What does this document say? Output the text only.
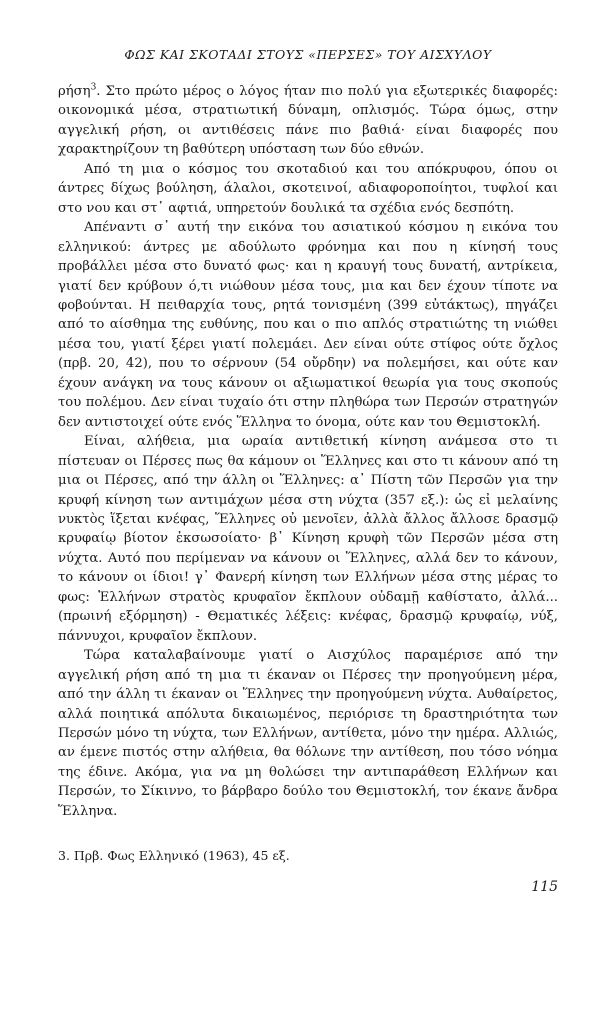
ΦΩΣ ΚΑΙ ΣΚΟΤΑΔΙ ΣΤΟΥΣ «ΠΕΡΣΕΣ» ΤΟΥ ΑΙΣΧΥΛΟΥ

ρήση$^3$. Στο πρώτο μέρος ο λόγος ήταν πιο πολύ για εξωτερικές διαφορές: οικονομικά μέσα, στρατιωτική δύναμη, οπλισμός. Τώρα όμως, στην αγγελική ρήση, οι αντιθέσεις πάνε πιο βαθιά· είναι διαφορές που χαρακτηρίζουν τη βαθύτερη υπόσταση των δύο εθνών.

Από τη μια ο κόσμος του σκοταδιού και του απόκρυφου, όπου οι άντρες δίχως βούληση, άλαλοι, σκοτεινοί, αδιαφοροποίητοι, τυφλοί και στο νου και στ᾽ αφτιά, υπηρετούν δουλικά τα σχέδια ενός δεσπότη.

Απέναντι σ᾽ αυτή την εικόνα του ασιατικού κόσμου η εικόνα του ελληνικού: άντρες με αδούλωτο φρόνημα και που η κίνησή τους προβάλλει μέσα στο δυνατό φως· και η κραυγή τους δυνατή, αντρίκεια, γιατί δεν κρύβουν ό,τι νιώθουν μέσα τους, μια και δεν έχουν τίποτε να φοβούνται. Η πειθαρχία τους, ρητά τονισμένη (399 εὐτάκτως), πηγάζει από το αίσθημα της ευθύνης, που και ο πιο απλός στρατιώτης τη νιώθει μέσα του, γιατί ξέρει γιατί πολεμάει. Δεν είναι ούτε στίφος ούτε ὄχλος (πρβ. 20, 42), που το σέρνουν (54 οὔρδην) να πολεμήσει, και ούτε καν έχουν ανάγκη να τους κάνουν οι αξιωματικοί θεωρία για τους σκοπούς του πολέμου. Δεν είναι τυχαίο ότι στην πληθώρα των Περσών στρατηγών δεν αντιστοιχεί ούτε ενός Ἕλληνα το όνομα, ούτε καν του Θεμιστοκλή.

Είναι, αλήθεια, μια ωραία αντιθετική κίνηση ανάμεσα στο τι πίστευαν οι Πέρσες πως θα κάμουν οι Ἕλληνες και στο τι κάνουν από τη μια οι Πέρσες, από την άλλη οι Ἕλληνες: α᾽ Πίστη τῶν Περσῶν για την κρυφή κίνηση των αντιμάχων μέσα στη νύχτα (357 εξ.): ὡς εἰ μελαίνης νυκτὸς ἵξεται κνέφας, Ἕλληνες οὐ μενοῖεν, ἀλλὰ ἄλλος ἄλλοσε δρασμῷ κρυφαίῳ βίοτον ἐκσωσοίατο· β᾽ Κίνηση κρυφὴ τῶν Περσῶν μέσα στη νύχτα. Αυτό που περίμεναν να κάνουν οι Ἕλληνες, αλλά δεν το κάνουν, το κάνουν οι ίδιοι! γ᾽ Φανερή κίνηση των Ελλήνων μέσα στης μέρας το φως: Ἑλλήνων στρατὸς κρυφαῖον ἔκπλουν οὐδαμῇ καθίστατο, ἀλλά... (πρωινή εξόρμηση) - Θεματικές λέξεις: κνέφας, δρασμῷ κρυφαίῳ, νύξ, πάννυχοι, κρυφαῖον ἔκπλουν.

Τώρα καταλαβαίνουμε γιατί ο Αισχύλος παραμέρισε από την αγγελική ρήση από τη μια τι έκαναν οι Πέρσες την προηγούμενη μέρα, από την άλλη τι έκαναν οι Ἕλληνες την προηγούμενη νύχτα. Αυθαίρετος, αλλά ποιητικά απόλυτα δικαιωμένος, περιόρισε τη δραστηριότητα των Περσών μόνο τη νύχτα, των Ελλήνων, αντίθετα, μόνο την ημέρα. Αλλιώς, αν έμενε πιστός στην αλήθεια, θα θόλωνε την αντίθεση, που τόσο νόημα της έδινε. Ακόμα, για να μη θολώσει την αντιπαράθεση Ελλήνων και Περσών, το Σίκιννο, το βάρβαρο δούλο του Θεμιστοκλή, τον έκανε ἄνδρα Ἕλληνα.

3. Πρβ. Φως Ελληνικό (1963), 45 εξ.
115
